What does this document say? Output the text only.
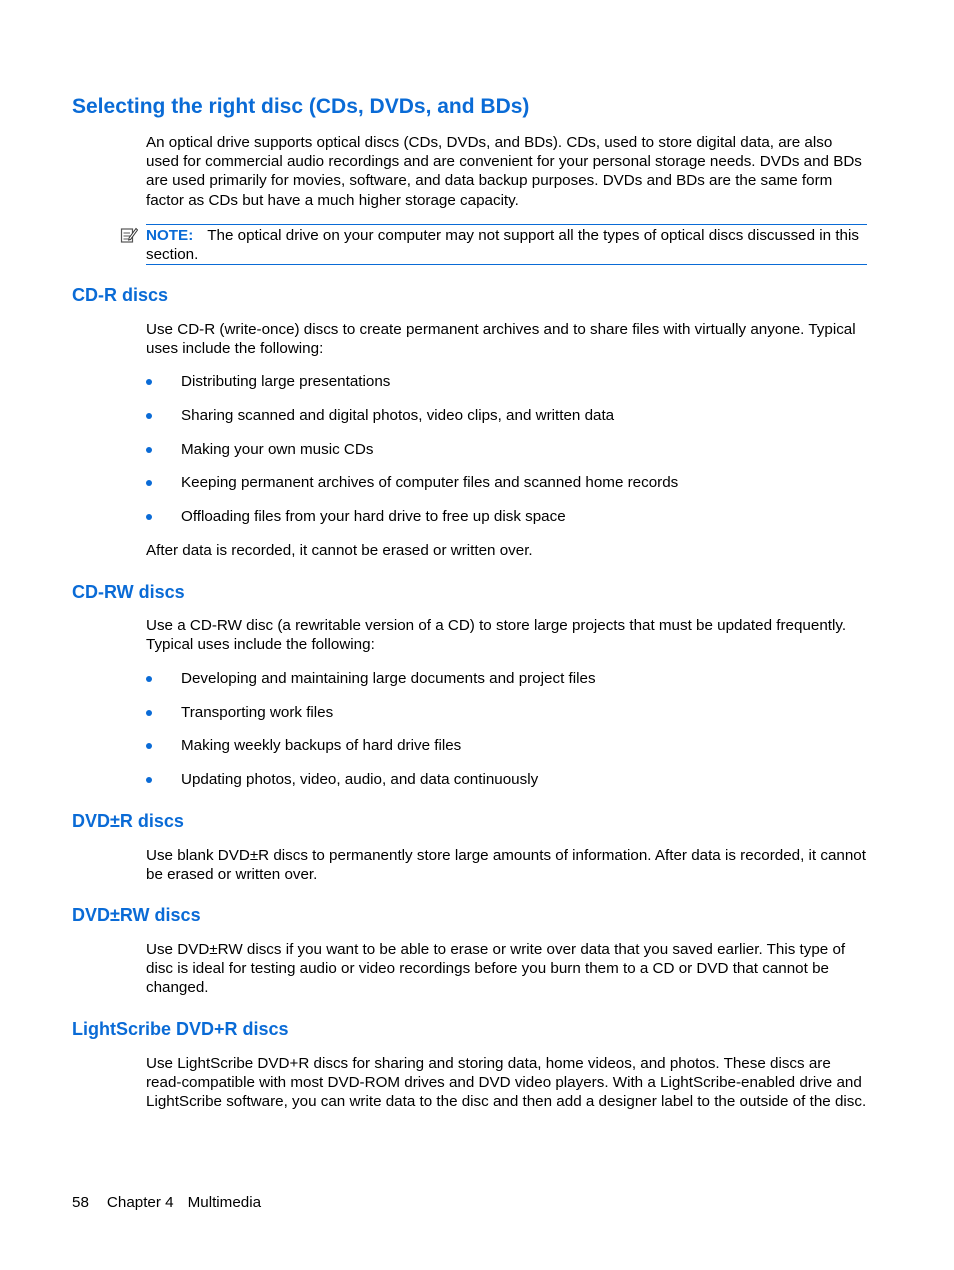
Selecting the right disc (CDs, DVDs, and BDs)

An optical drive supports optical discs (CDs, DVDs, and BDs). CDs, used to store digital data, are also used for commercial audio recordings and are convenient for your personal storage needs. DVDs and BDs are used primarily for movies, software, and data backup purposes. DVDs and BDs are the same form factor as CDs but have a much higher storage capacity.

NOTE: The optical drive on your computer may not support all the types of optical discs discussed in this section.
CD-R discs

Use CD-R (write-once) discs to create permanent archives and to share files with virtually anyone. Typical uses include the following:

Distributing large presentations
Sharing scanned and digital photos, video clips, and written data
Making your own music CDs
Keeping permanent archives of computer files and scanned home records
Offloading files from your hard drive to free up disk space

After data is recorded, it cannot be erased or written over.

CD-RW discs

Use a CD-RW disc (a rewritable version of a CD) to store large projects that must be updated frequently. Typical uses include the following:

Developing and maintaining large documents and project files
Transporting work files
Making weekly backups of hard drive files
Updating photos, video, audio, and data continuously
DVD±R discs

Use blank DVD±R discs to permanently store large amounts of information. After data is recorded, it cannot be erased or written over.

DVD±RW discs

Use DVD±RW discs if you want to be able to erase or write over data that you saved earlier. This type of disc is ideal for testing audio or video recordings before you burn them to a CD or DVD that cannot be changed.

LightScribe DVD+R discs

Use LightScribe DVD+R discs for sharing and storing data, home videos, and photos. These discs are read-compatible with most DVD-ROM drives and DVD video players. With a LightScribe-enabled drive and LightScribe software, you can write data to the disc and then add a designer label to the outside of the disc.

58 Chapter 4 Multimedia
